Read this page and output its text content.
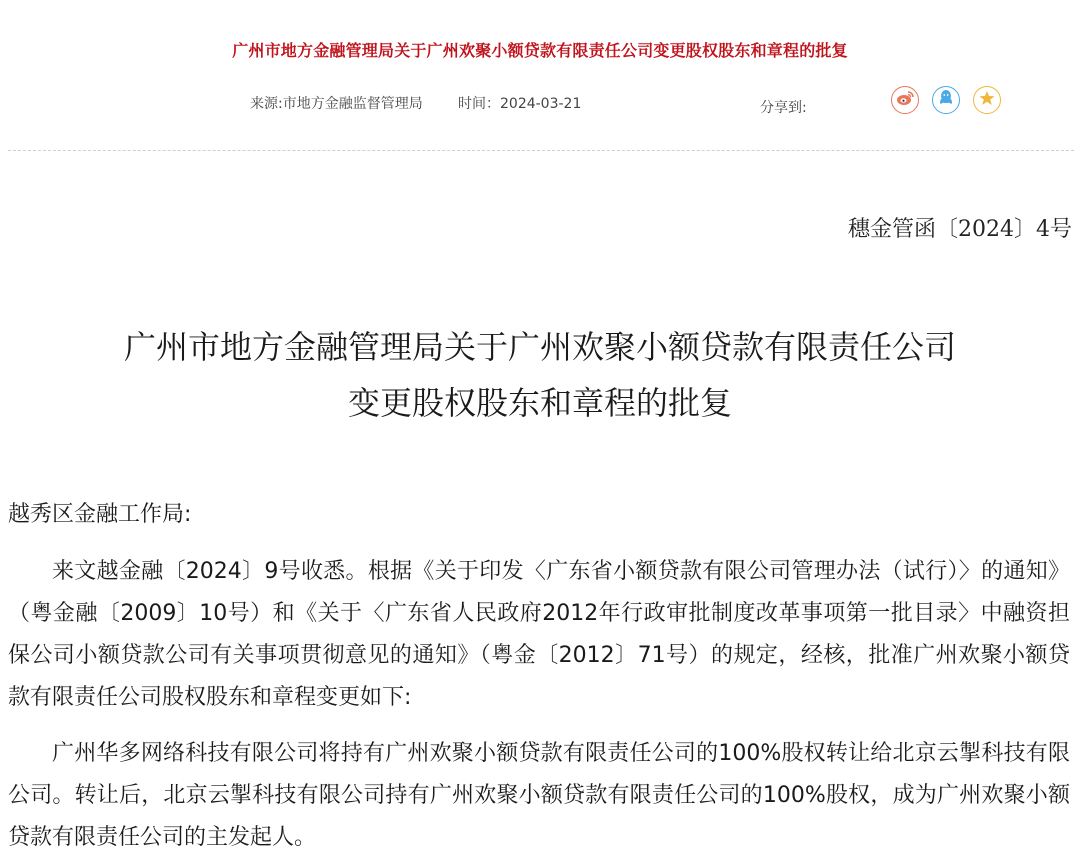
广州市地方金融管理局关于广州欢聚小额贷款有限责任公司变更股权股东和章程的批复
来源:市地方金融监督管理局	时间：2024-03-21	分享到:
穗金管函〔2024〕4号
广州市地方金融管理局关于广州欢聚小额贷款有限责任公司
变更股权股东和章程的批复
越秀区金融工作局:
来文越金融〔2024〕9号收悉。根据《关于印发〈广东省小额贷款有限公司管理办法（试行）〉的通知》（粤金融〔2009〕10号）和《关于〈广东省人民政府2012年行政审批制度改革事项第一批目录〉中融资担保公司小额贷款公司有关事项贯彻意见的通知》（粤金〔2012〕71号）的规定，经核，批准广州欢聚小额贷款有限责任公司股权股东和章程变更如下:
广州华多网络科技有限公司将持有广州欢聚小额贷款有限责任公司的100%股权转让给北京云掣科技有限公司。转让后，北京云掣科技有限公司持有广州欢聚小额贷款有限责任公司的100%股权，成为广州欢聚小额贷款有限责任公司的主发起人。
